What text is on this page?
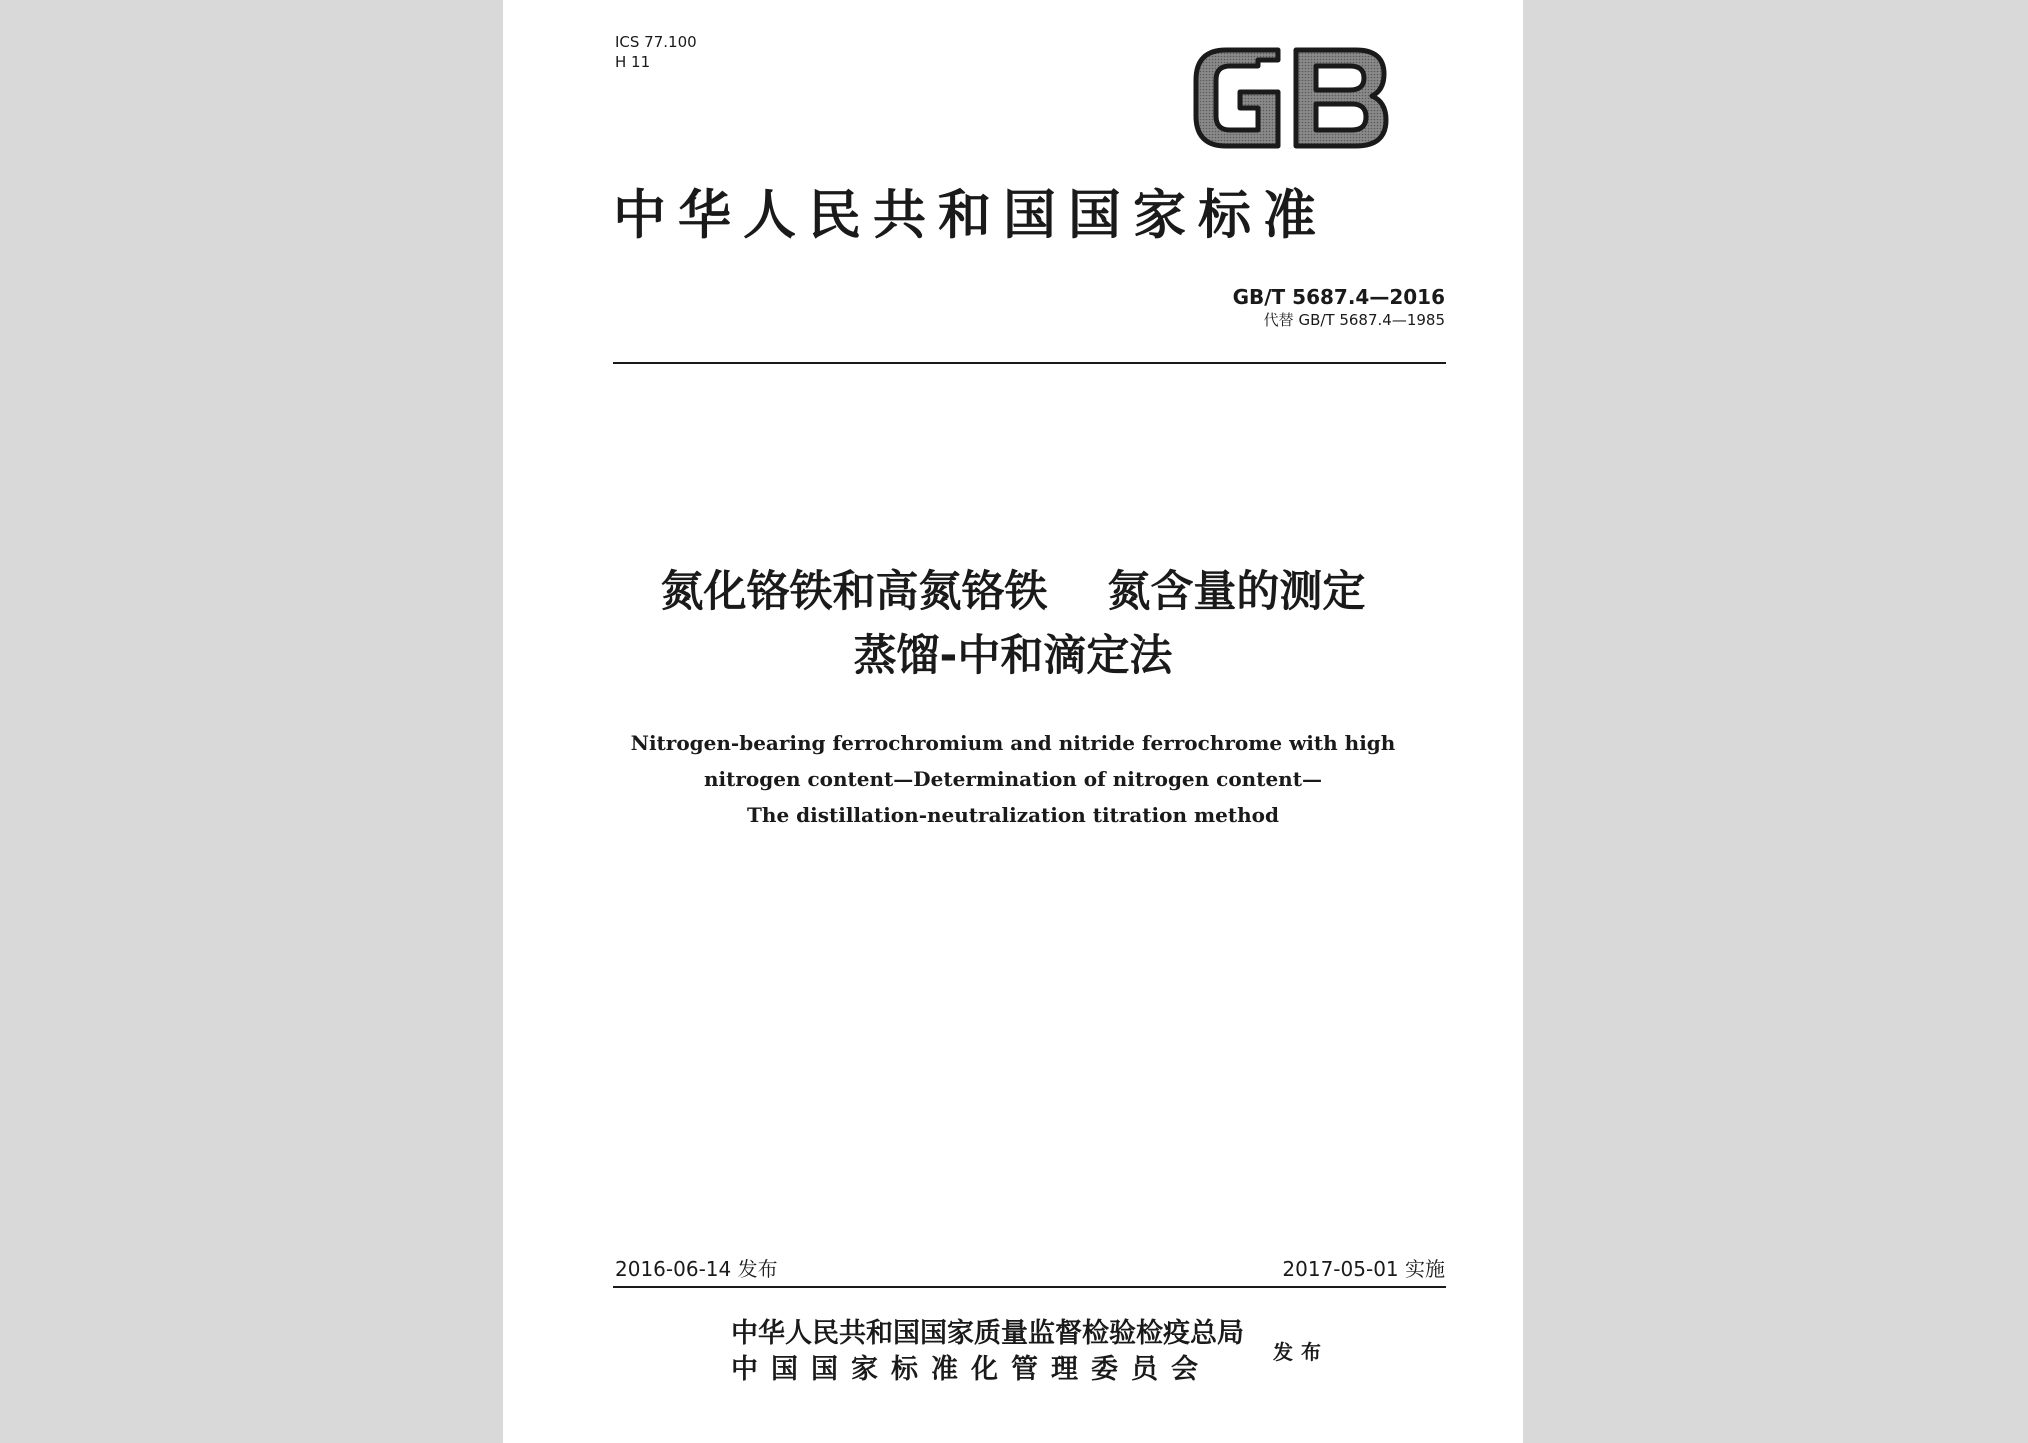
ICS 77.100
H 11
中华人民共和国国家标准
GB/T 5687.4—2016
代替 GB/T 5687.4—1985
氮化铬铁和高氮铬铁    氮含量的测定
蒸馏-中和滴定法
Nitrogen-bearing ferrochromium and nitride ferrochrome with high
nitrogen content—Determination of nitrogen content—
The distillation-neutralization titration method
2016-06-14 发布	2017-05-01 实施
中华人民共和国国家质量监督检验检疫总局
中国国家标准化管理委员会
发布
